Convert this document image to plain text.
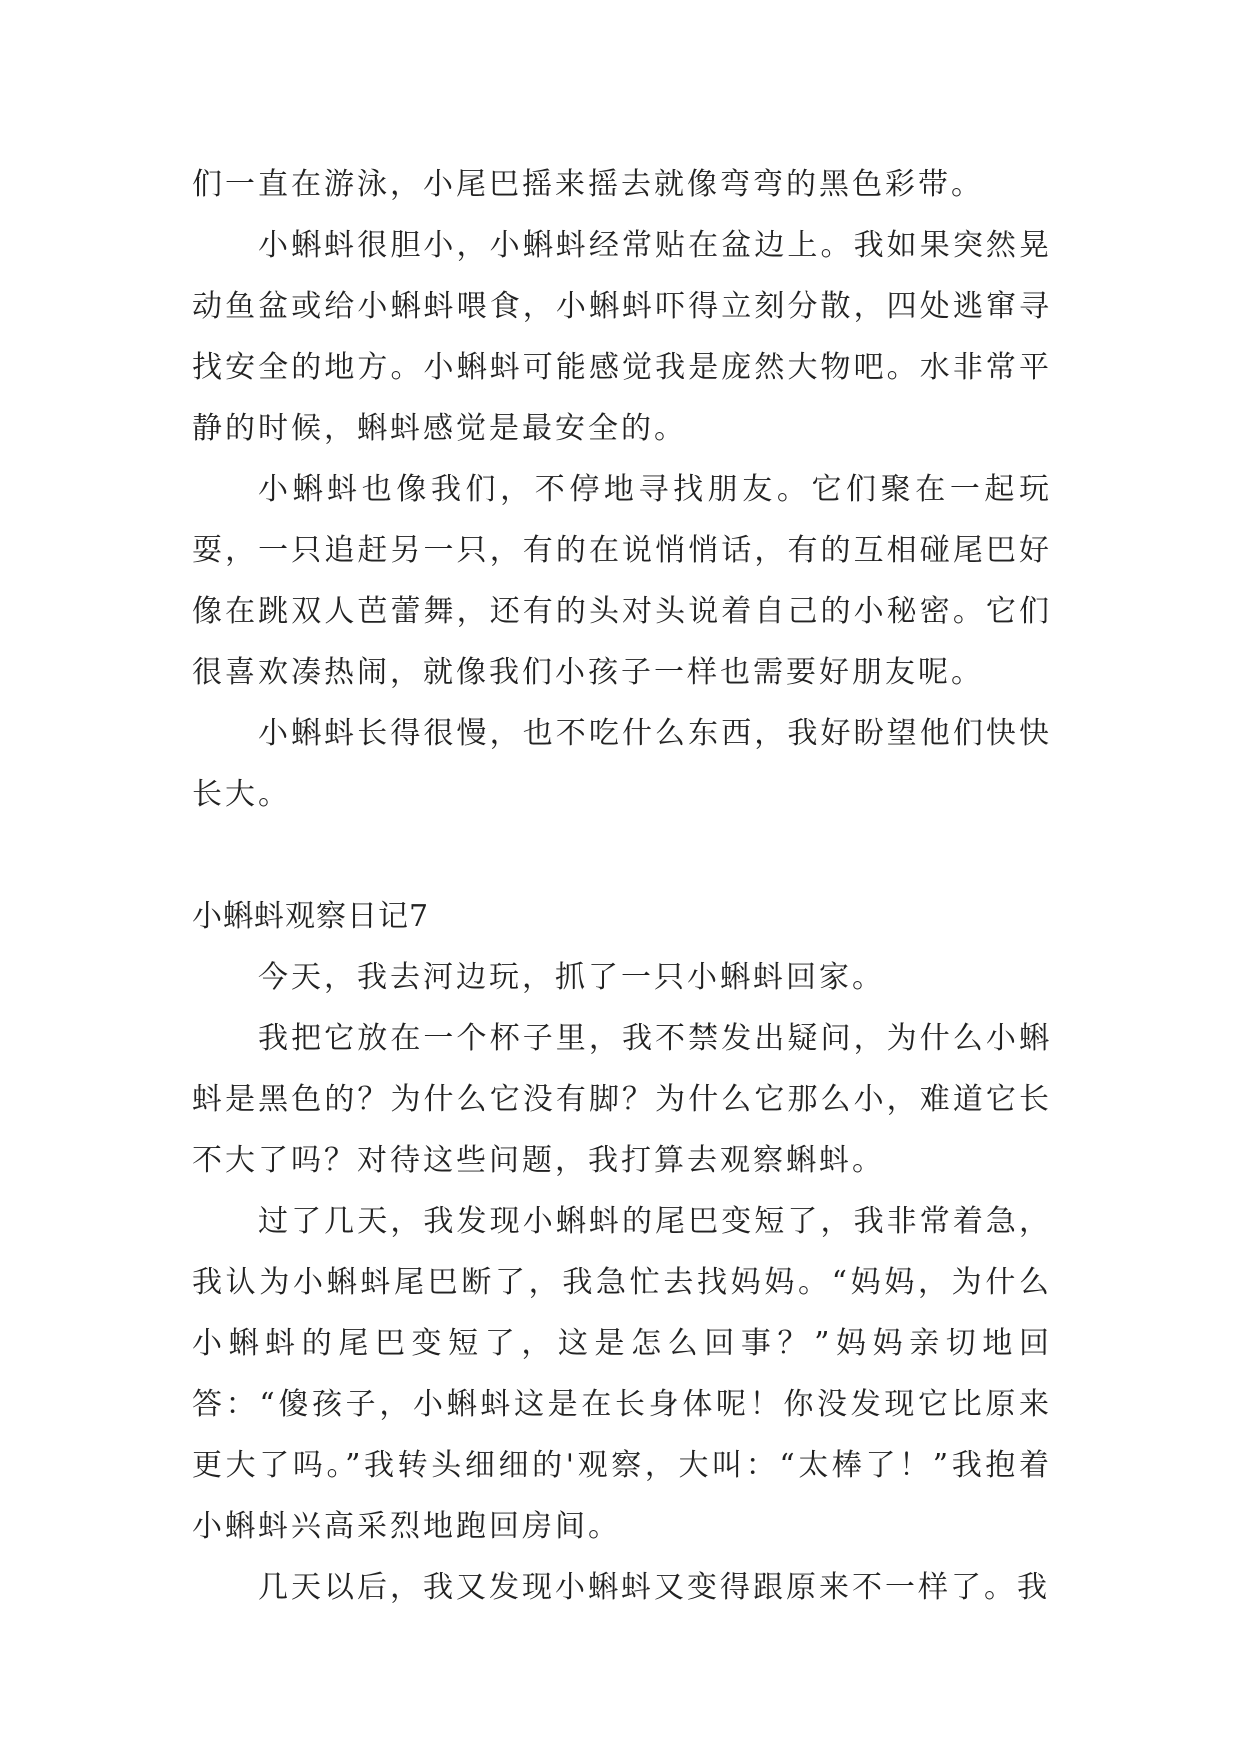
们一直在游泳，小尾巴摇来摇去就像弯弯的黑色彩带。

小蝌蚪很胆小，小蝌蚪经常贴在盆边上。我如果突然晃动鱼盆或给小蝌蚪喂食，小蝌蚪吓得立刻分散，四处逃窜寻找安全的地方。小蝌蚪可能感觉我是庞然大物吧。水非常平静的时候，蝌蚪感觉是最安全的。

小蝌蚪也像我们，不停地寻找朋友。它们聚在一起玩耍，一只追赶另一只，有的在说悄悄话，有的互相碰尾巴好像在跳双人芭蕾舞，还有的头对头说着自己的小秘密。它们很喜欢凑热闹，就像我们小孩子一样也需要好朋友呢。

小蝌蚪长得很慢，也不吃什么东西，我好盼望他们快快长大。

小蝌蚪观察日记7

今天，我去河边玩，抓了一只小蝌蚪回家。

我把它放在一个杯子里，我不禁发出疑问，为什么小蝌蚪是黑色的？为什么它没有脚？为什么它那么小，难道它长不大了吗？对待这些问题，我打算去观察蝌蚪。

过了几天，我发现小蝌蚪的尾巴变短了，我非常着急，我认为小蝌蚪尾巴断了，我急忙去找妈妈。“妈妈，为什么小蝌蚪的尾巴变短了，这是怎么回事？”妈妈亲切地回答：“傻孩子，小蝌蚪这是在长身体呢！你没发现它比原来更大了吗。”我转头细细的'观察，大叫：“太棒了！”我抱着小蝌蚪兴高采烈地跑回房间。

几天以后，我又发现小蝌蚪又变得跟原来不一样了。我
